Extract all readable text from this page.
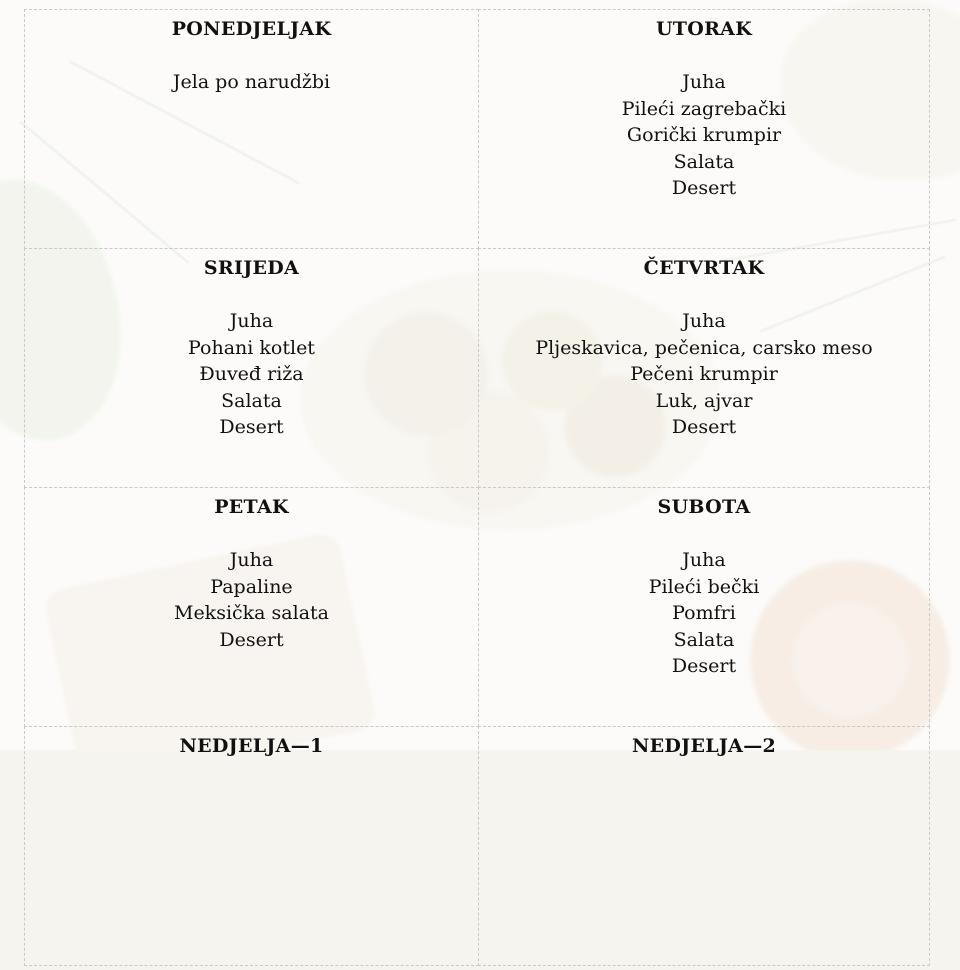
PONEDJELJAK
Jela po narudžbi
UTORAK
Juha
Pileći zagrebački
Gorički krumpir
Salata
Desert
SRIJEDA
Juha
Pohani kotlet
Đuveđ riža
Salata
Desert
ČETVRTAK
Juha
Pljeskavica, pečenica, carsko meso
Pečeni krumpir
Luk, ajvar
Desert
PETAK
Juha
Papaline
Meksička salata
Desert
SUBOTA
Juha
Pileći bečki
Pomfri
Salata
Desert
NEDJELJA—1	NEDJELJA—2
